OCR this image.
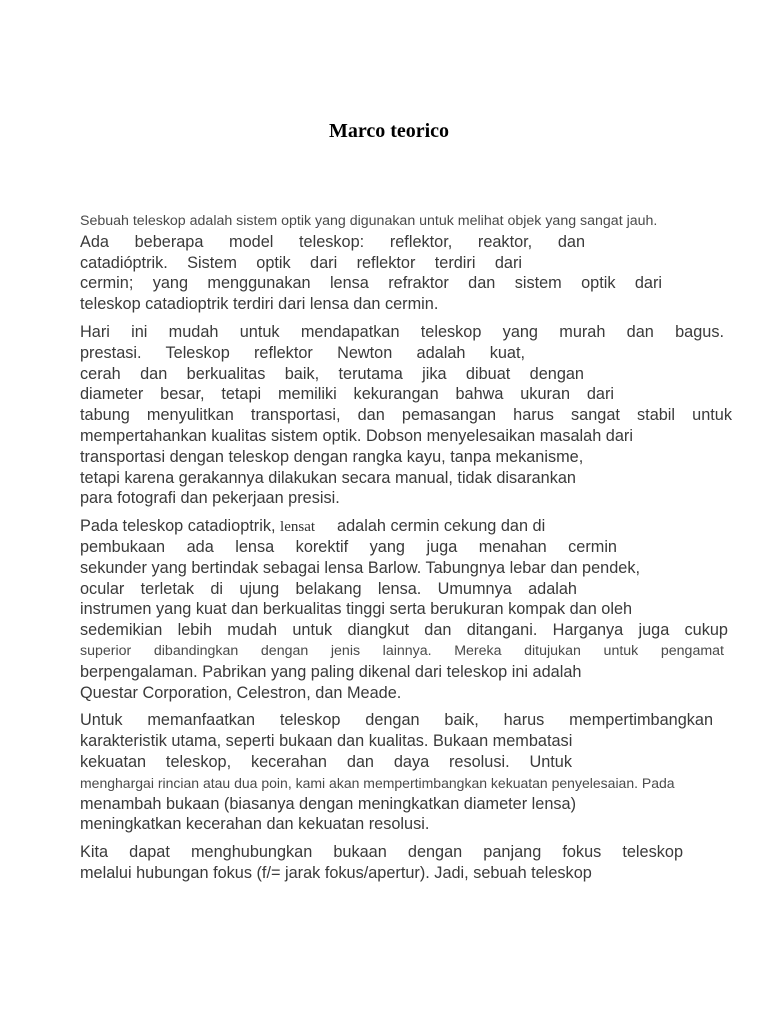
Marco teorico
Sebuah teleskop adalah sistem optik yang digunakan untuk melihat objek yang sangat jauh.
Ada beberapa model teleskop: reflektor, reaktor, dan
catadióptrik. Sistem optik dari reflektor terdiri dari
cermin; yang menggunakan lensa refraktor dan sistem optik dari
teleskop catadioptrik terdiri dari lensa dan cermin.
Hari ini mudah untuk mendapatkan teleskop yang murah dan bagus.
prestasi. Teleskop reflektor Newton adalah kuat,
cerah dan berkualitas baik, terutama jika dibuat dengan
diameter besar, tetapi memiliki kekurangan bahwa ukuran dari
tabung menyulitkan transportasi, dan pemasangan harus sangat stabil untuk
mempertahankan kualitas sistem optik. Dobson menyelesaikan masalah dari
transportasi dengan teleskop dengan rangka kayu, tanpa mekanisme,
tetapi karena gerakannya dilakukan secara manual, tidak disarankan
para fotografi dan pekerjaan presisi.
Pada teleskop catadioptrik, lensat adalah cermin cekung dan di
pembukaan ada lensa korektif yang juga menahan cermin
sekunder yang bertindak sebagai lensa Barlow. Tabungnya lebar dan pendek,
ocular terletak di ujung belakang lensa. Umumnya adalah
instrumen yang kuat dan berkualitas tinggi serta berukuran kompak dan oleh
sedemikian lebih mudah untuk diangkut dan ditangani. Harganya juga cukup
superior dibandingkan dengan jenis lainnya. Mereka ditujukan untuk pengamat
berpengalaman. Pabrikan yang paling dikenal dari teleskop ini adalah
Questar Corporation, Celestron, dan Meade.
Untuk memanfaatkan teleskop dengan baik, harus mempertimbangkan
karakteristik utama, seperti bukaan dan kualitas. Bukaan membatasi
kekuatan teleskop, kecerahan dan daya resolusi. Untuk
menghargai rincian atau dua poin, kami akan mempertimbangkan kekuatan penyelesaian. Pada
menambah bukaan (biasanya dengan meningkatkan diameter lensa)
meningkatkan kecerahan dan kekuatan resolusi.
Kita dapat menghubungkan bukaan dengan panjang fokus teleskop
melalui hubungan fokus (f/= jarak fokus/apertur). Jadi, sebuah teleskop
